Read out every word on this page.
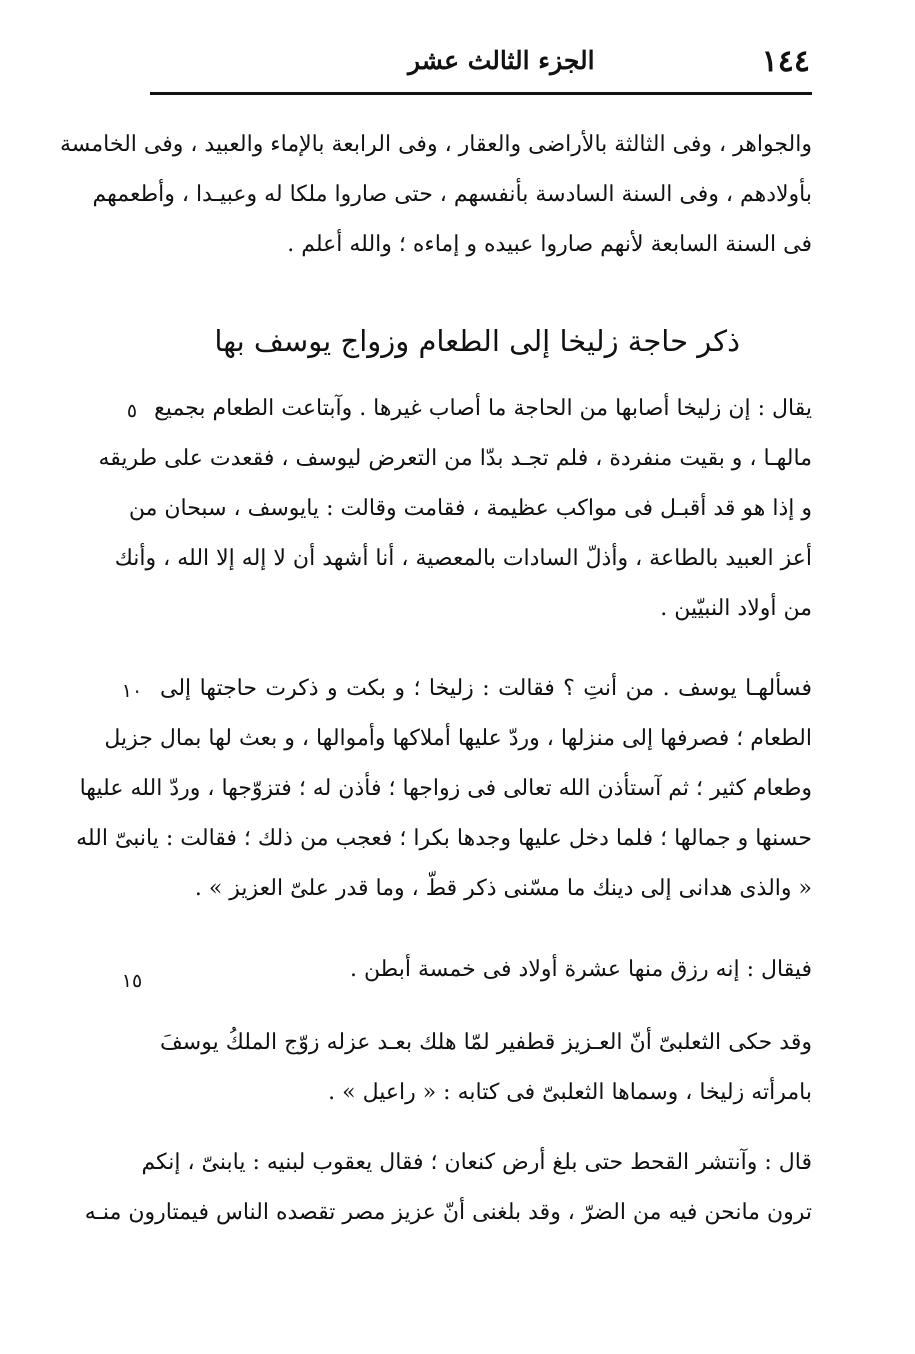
١٤٤
الجزء الثالث عشر
والجواهر ، وفى الثالثة بالأراضى والعقار ، وفى الرابعة بالإماء والعبيد ، وفى الخامسة
بأولادهم ، وفى السنة السادسة بأنفسهم ، حتى صاروا ملكا له وعبيـدا ، وأطعمهم
فى السنة السابعة لأنهم صاروا عبيده و إماءه ؛ والله أعلم .
ذكر حاجة زليخا إلى الطعام وزواج يوسف بها
يقال : إن زليخا أصابها من الحاجة ما أصاب غيرها . وآبتاعت الطعام بجميع
مالهـا ، و بقيت منفردة ، فلم تجـد بدّا من التعرض ليوسف ، فقعدت على طريقه
و إذا هو قد أقبـل فى مواكب عظيمة ، فقامت وقالت : يايوسف ، سبحان من
أعز العبيد بالطاعة ، وأذلّ السادات بالمعصية ، أنا أشهد أن لا إله إلا الله ، وأنك
من أولاد النبيّين .
٥
فسألهـا يوسف . من أنتِ ؟ فقالت : زليخا ؛ و بكت و ذكرت حاجتها إلى
الطعام ؛ فصرفها إلى منزلها ، وردّ عليها أملاكها وأموالها ، و بعث لها بمال جزيل
وطعام كثير ؛ ثم آستأذن الله تعالى فى زواجها ؛ فأذن له ؛ فتزوّجها ، وردّ الله عليها
حسنها و جمالها ؛ فلما دخل عليها وجدها بكرا ؛ فعجب من ذلك ؛ فقالت : يانبىّ الله
« والذى هدانى إلى دينك ما مسّنى ذكر قطّ ، وما قدر علىّ العزيز » .
١٠
فيقال : إنه رزق منها عشرة أولاد فى خمسة أبطن .
١٥
وقد حكى الثعلبىّ أنّ العـزيز قطفير لمّا هلك بعـد عزله زوّج الملكُ يوسفَ
بامرأته زليخا ، وسماها الثعلبىّ فى كتابه : « راعيل » .
قال : وآنتشر القحط حتى بلغ أرض كنعان ؛ فقال يعقوب لبنيه : يابنىّ ، إنكم
ترون مانحن فيه من الضرّ ، وقد بلغنى أنّ عزيز مصر تقصده الناس فيمتارون منـه
